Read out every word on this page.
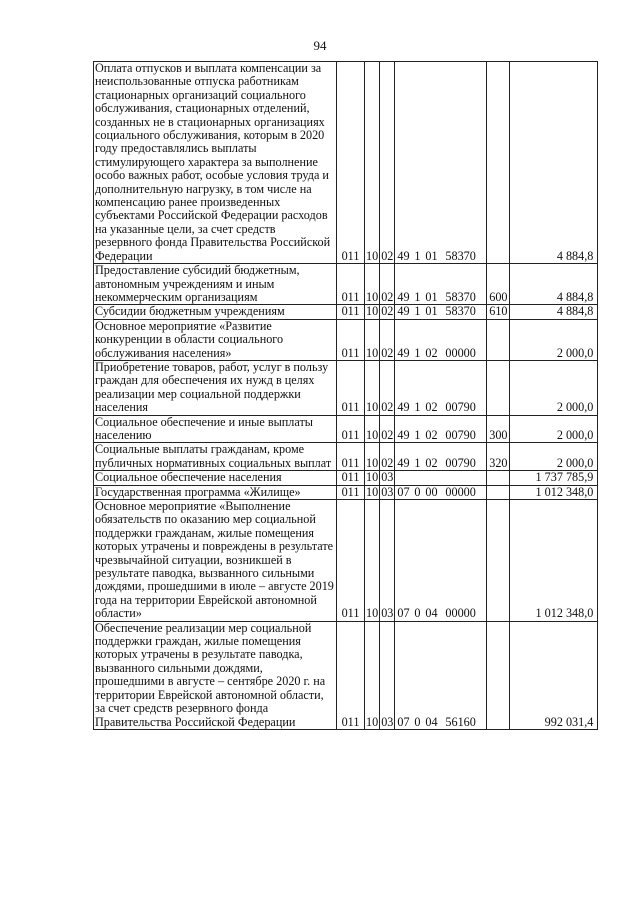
94
Оплата отпусков и выплата компенсации за неиспользованные отпуска работникам стационарных организаций социального обслуживания, стационарных отделений, созданных не в стационарных организациях социального обслуживания, которым в 2020 году предоставлялись выплаты стимулирующего характера за выполнение особо важных работ, особые условия труда и дополнительную нагрузку, в том числе на компенсацию ранее произведенных субъектами Российской Федерации расходов на указанные цели, за счет средств резервного фонда Правительства Российской Федерации	011	10	02	49 1 01 58370		4 884,8
Предоставление субсидий бюджетным, автономным учреждениям и иным некоммерческим организациям	011	10	02	49 1 01 58370	600	4 884,8
Субсидии бюджетным учреждениям	011	10	02	49 1 01 58370	610	4 884,8
Основное мероприятие «Развитие конкуренции в области социального обслуживания населения»	011	10	02	49 1 02 00000		2 000,0
Приобретение товаров, работ, услуг в пользу граждан для обеспечения их нужд в целях реализации мер социальной поддержки населения	011	10	02	49 1 02 00790		2 000,0
Социальное обеспечение и иные выплаты населению	011	10	02	49 1 02 00790	300	2 000,0
Социальные выплаты гражданам, кроме публичных нормативных социальных выплат	011	10	02	49 1 02 00790	320	2 000,0
Социальное обеспечение населения	011	10	03			1 737 785,9
Государственная программа «Жилище»	011	10	03	07 0 00 00000		1 012 348,0
Основное мероприятие «Выполнение обязательств по оказанию мер социальной поддержки гражданам, жилые помещения которых утрачены и повреждены в результате чрезвычайной ситуации, возникшей в результате паводка, вызванного сильными дождями, прошедшими в июле – августе 2019 года на территории Еврейской автономной области»	011	10	03	07 0 04 00000		1 012 348,0
Обеспечение реализации мер социальной поддержки граждан, жилые помещения которых утрачены в результате паводка, вызванного сильными дождями, прошедшими в августе – сентябре 2020 г. на территории Еврейской автономной области, за счет средств резервного фонда Правительства Российской Федерации	011	10	03	07 0 04 56160		992 031,4
